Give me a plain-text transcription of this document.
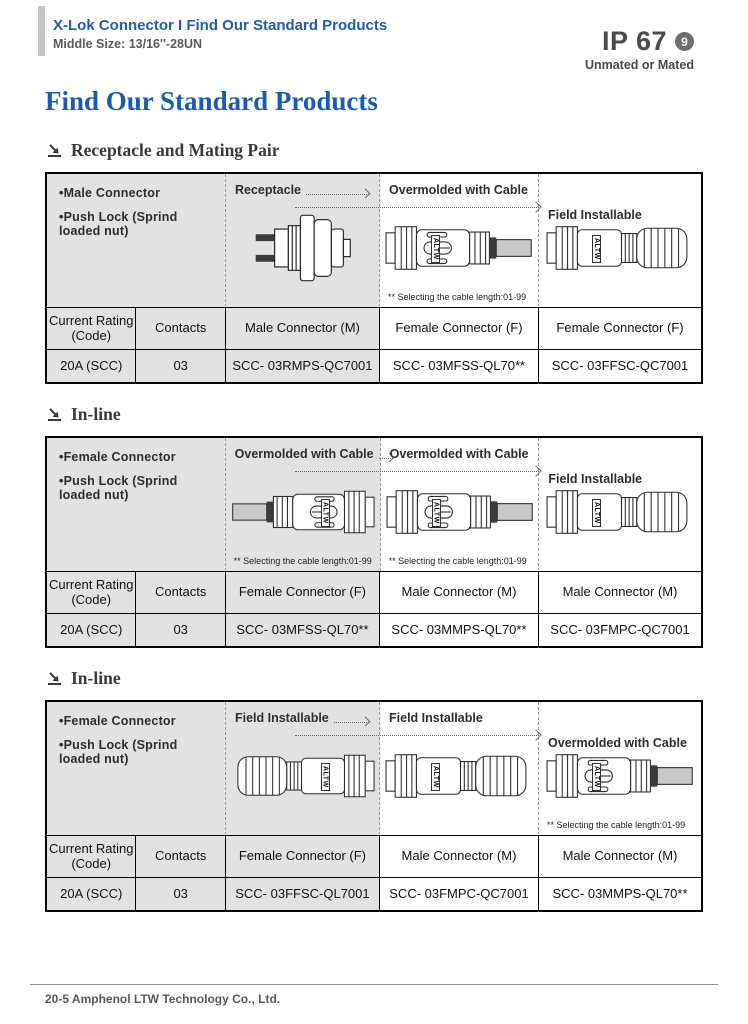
X-Lok Connector I Find Our Standard Products
Middle Size: 13/16''-28UN	IP 67	9
Unmated or Mated
Find Our Standard Products
Receptacle and Mating Pair
•Male Connector
•Push Lock (Sprind loaded nut)
Receptacle	Overmolded with Cable
ALTW
** Selecting the cable length:01-99
Field Installable
ALTW
Current Rating (Code)	Contacts	Male Connector (M)	Female Connector (F)	Female Connector (F)
20A (SCC)	03	SCC- 03RMPS-QC7001	SCC- 03MFSS-QL70**	SCC- 03FFSC-QC7001
In-line
•Female Connector
•Push Lock (Sprind loaded nut)
Overmolded with Cable
ALTW
** Selecting the cable length:01-99
Overmolded with Cable
ALTW
** Selecting the cable length:01-99
Field Installable
ALTW
Current Rating (Code)	Contacts	Female Connector (F)	Male Connector (M)	Male Connector (M)
20A (SCC)	03	SCC- 03MFSS-QL70**	SCC- 03MMPS-QL70**	SCC- 03FMPC-QC7001
In-line
•Female Connector
•Push Lock (Sprind loaded nut)
Field Installable
ALTW
Field Installable
ALTW
Overmolded with Cable
ALTW
** Selecting the cable length:01-99
Current Rating (Code)	Contacts	Female Connector (F)	Male Connector (M)	Male Connector (M)
20A (SCC)	03	SCC- 03FFSC-QL7001	SCC- 03FMPC-QC7001	SCC- 03MMPS-QL70**
20-5 Amphenol LTW Technology Co., Ltd.
